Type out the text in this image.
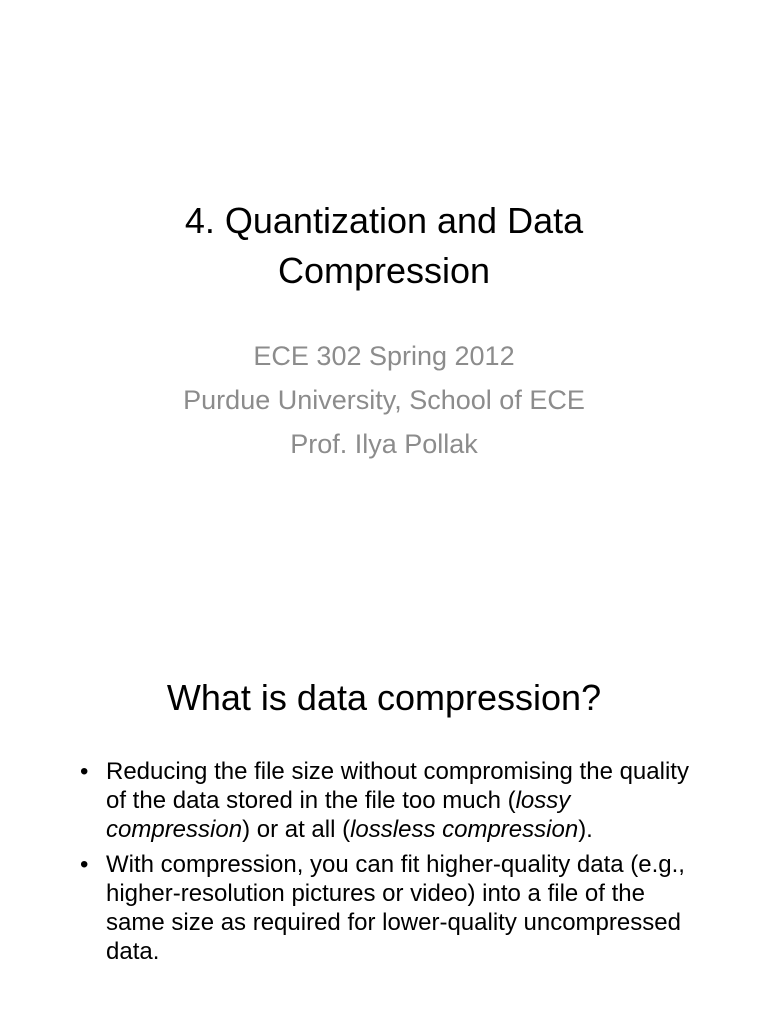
4. Quantization and Data
Compression
ECE 302 Spring 2012
Purdue University, School of ECE
Prof. Ilya Pollak
What is data compression?
• Reducing the file size without compromising the quality of the data stored in the file too much (lossy compression) or at all (lossless compression).
• With compression, you can fit higher-quality data (e.g., higher-resolution pictures or video) into a file of the same size as required for lower-quality uncompressed data.
